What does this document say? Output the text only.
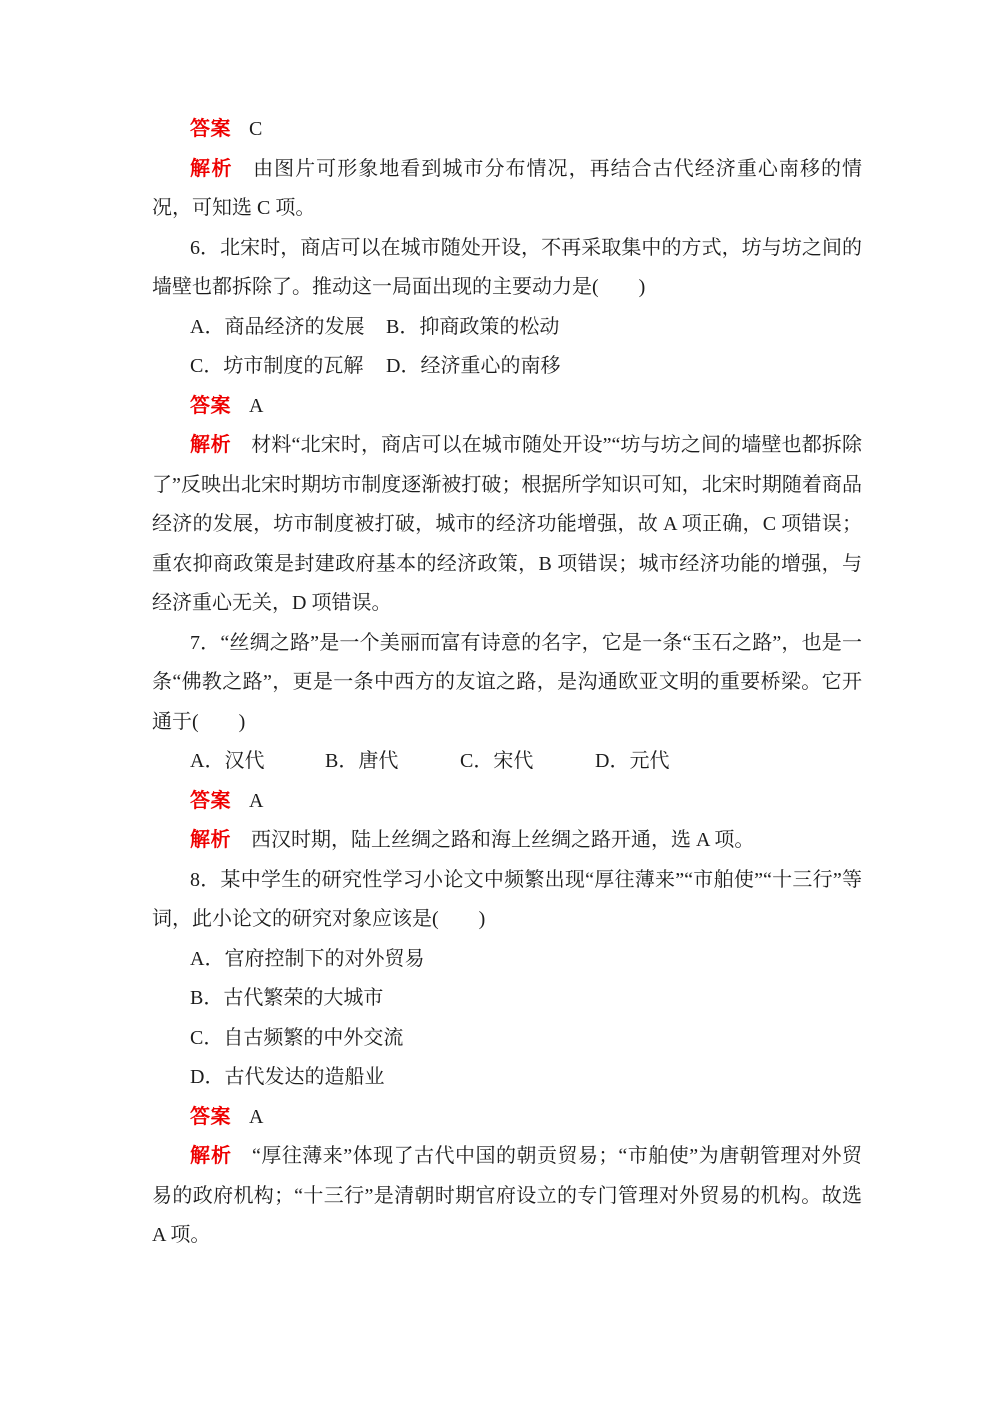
答案 C

解析 由图片可形象地看到城市分布情况，再结合古代经济重心南移的情况，可知选 C 项。

6．北宋时，商店可以在城市随处开设，不再采取集中的方式，坊与坊之间的墙壁也都拆除了。推动这一局面出现的主要动力是(　　)

A．商品经济的发展 B．抑商政策的松动

C．坊市制度的瓦解 D．经济重心的南移

答案 A

解析 材料“北宋时，商店可以在城市随处开设”“坊与坊之间的墙壁也都拆除了”反映出北宋时期坊市制度逐渐被打破；根据所学知识可知，北宋时期随着商品经济的发展，坊市制度被打破，城市的经济功能增强，故 A 项正确，C 项错误；重农抑商政策是封建政府基本的经济政策，B 项错误；城市经济功能的增强，与经济重心无关，D 项错误。

7．“丝绸之路”是一个美丽而富有诗意的名字，它是一条“玉石之路”，也是一条“佛教之路”，更是一条中西方的友谊之路，是沟通欧亚文明的重要桥梁。它开通于(　　)

A．汉代	B．唐代	C．宋代	D．元代

答案 A

解析 西汉时期，陆上丝绸之路和海上丝绸之路开通，选 A 项。

8．某中学生的研究性学习小论文中频繁出现“厚往薄来”“市舶使”“十三行”等词，此小论文的研究对象应该是(　　)

A．官府控制下的对外贸易

B．古代繁荣的大城市

C．自古频繁的中外交流

D．古代发达的造船业

答案 A

解析 “厚往薄来”体现了古代中国的朝贡贸易；“市舶使”为唐朝管理对外贸易的政府机构；“十三行”是清朝时期官府设立的专门管理对外贸易的机构。故选 A 项。
